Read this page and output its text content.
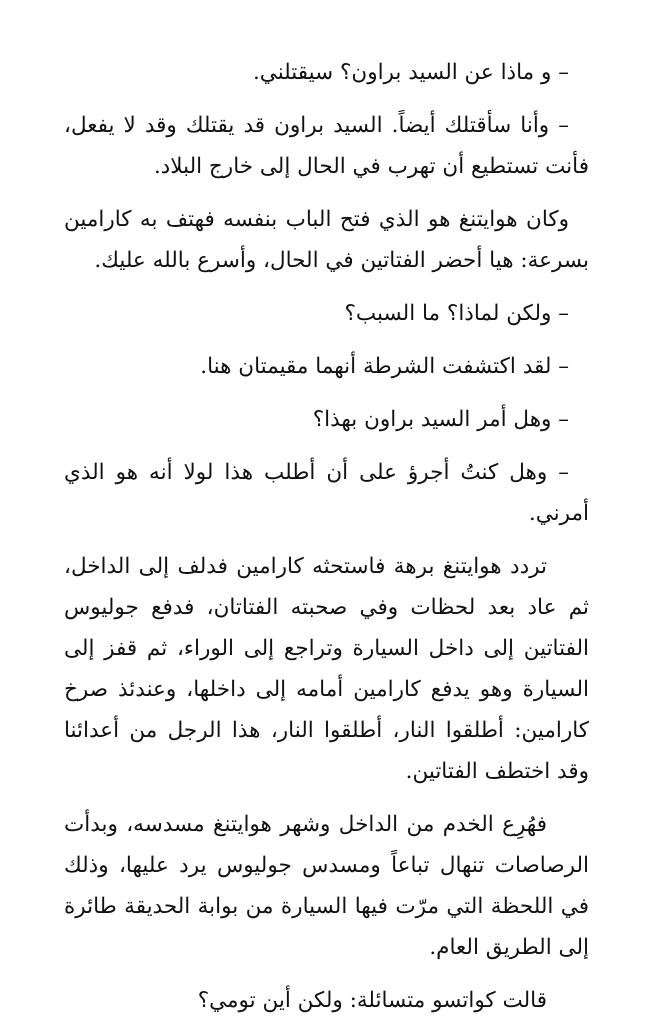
– و ماذا عن السيد براون؟ سيقتلني.

– وأنا سأقتلك أيضاً. السيد براون قد يقتلك وقد لا يفعل، فأنت تستطيع أن تهرب في الحال إلى خارج البلاد.

وكان هوايتنغ هو الذي فتح الباب بنفسه فهتف به كارامين بسرعة: هيا أحضر الفتاتين في الحال، وأسرع بالله عليك.

– ولكن لماذا؟ ما السبب؟

– لقد اكتشفت الشرطة أنهما مقيمتان هنا.

– وهل أمر السيد براون بهذا؟

– وهل كنتُ أجرؤ على أن أطلب هذا لولا أنه هو الذي أمرني.

تردد هوايتنغ برهة فاستحثه كارامين فدلف إلى الداخل، ثم عاد بعد لحظات وفي صحبته الفتاتان، فدفع جوليوس الفتاتين إلى داخل السيارة وتراجع إلى الوراء، ثم قفز إلى السيارة وهو يدفع كارامين أمامه إلى داخلها، وعندئذ صرخ كارامين: أطلقوا النار، أطلقوا النار، هذا الرجل من أعدائنا وقد اختطف الفتاتين.

فهُرِع الخدم من الداخل وشهر هوايتنغ مسدسه، وبدأت الرصاصات تنهال تباعاً ومسدس جوليوس يرد عليها، وذلك في اللحظة التي مرّت فيها السيارة من بوابة الحديقة طائرة إلى الطريق العام.

قالت كواتسو متسائلة: ولكن أين تومي؟
